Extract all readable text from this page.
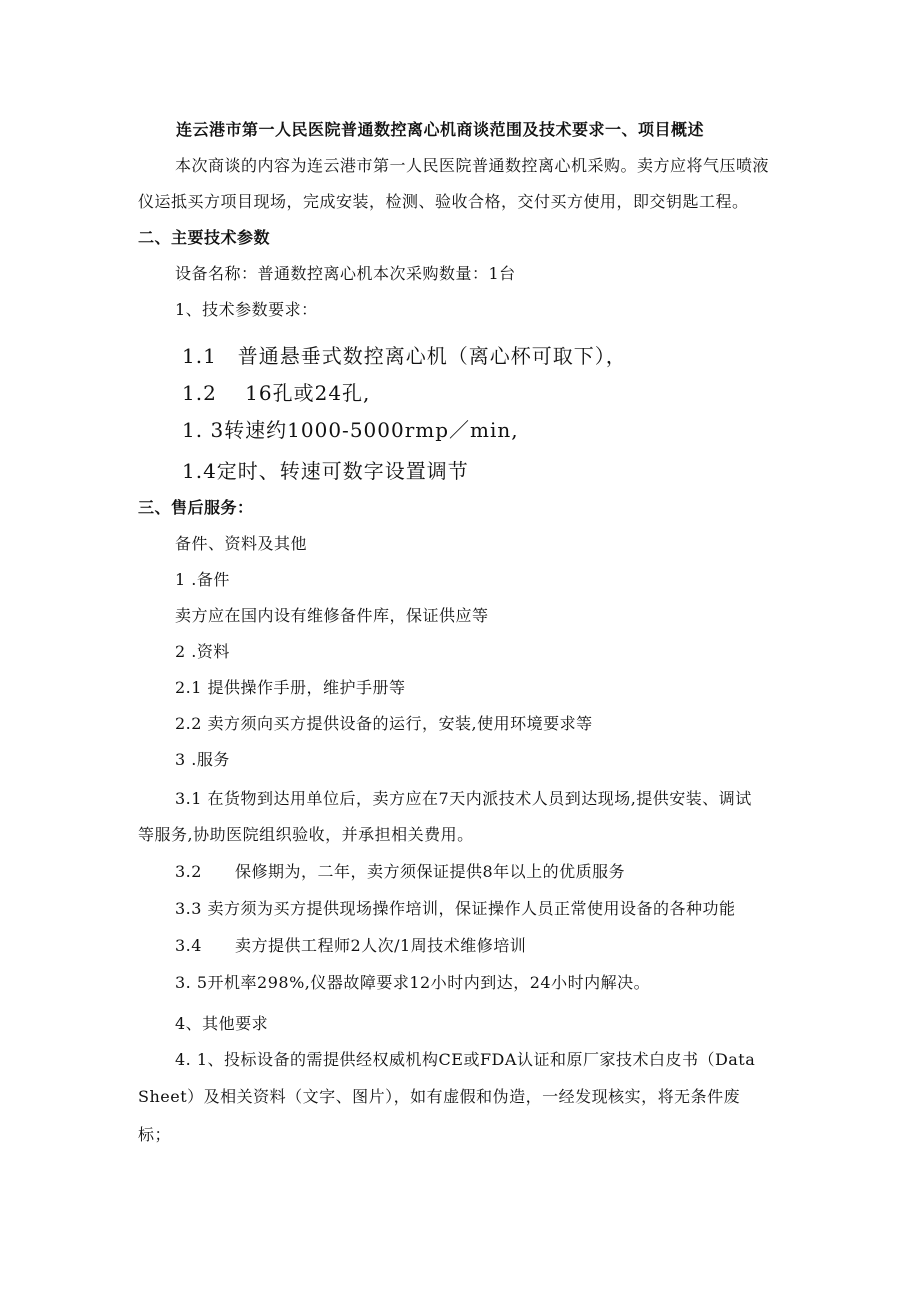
连云港市第一人民医院普通数控离心机商谈范围及技术要求一、项目概述
本次商谈的内容为连云港市第一人民医院普通数控离心机采购。卖方应将气压喷液
仪运抵买方项目现场，完成安装，检测、验收合格，交付买方使用，即交钥匙工程。
二、主要技术参数
设备名称：普通数控离心机本次采购数量：1台
1、技术参数要求：
1.1　普通悬垂式数控离心机（离心杯可取下），
1.2　 16孔或24孔,
1. 3转速约1000-5000rmp／min,
1.4定时、转速可数字设置调节
三、售后服务：
备件、资料及其他
1 .备件
卖方应在国内设有维修备件库，保证供应等
2 .资料
2.1 提供操作手册，维护手册等
2.2 卖方须向买方提供设备的运行，安装,使用环境要求等
3 .服务
3.1 在货物到达用单位后，卖方应在7天内派技术人员到达现场,提供安装、调试
等服务,协助医院组织验收，并承担相关费用。
3.2　　保修期为，二年，卖方须保证提供8年以上的优质服务
3.3 卖方须为买方提供现场操作培训，保证操作人员正常使用设备的各种功能
3.4　　卖方提供工程师2人次/1周技术维修培训
3. 5开机率298%,仪器故障要求12小时内到达，24小时内解决。
4、其他要求
4. 1、投标设备的需提供经权威机构CE或FDA认证和原厂家技术白皮书（Data
Sheet）及相关资料（文字、图片），如有虚假和伪造，一经发现核实，将无条件废
标；
